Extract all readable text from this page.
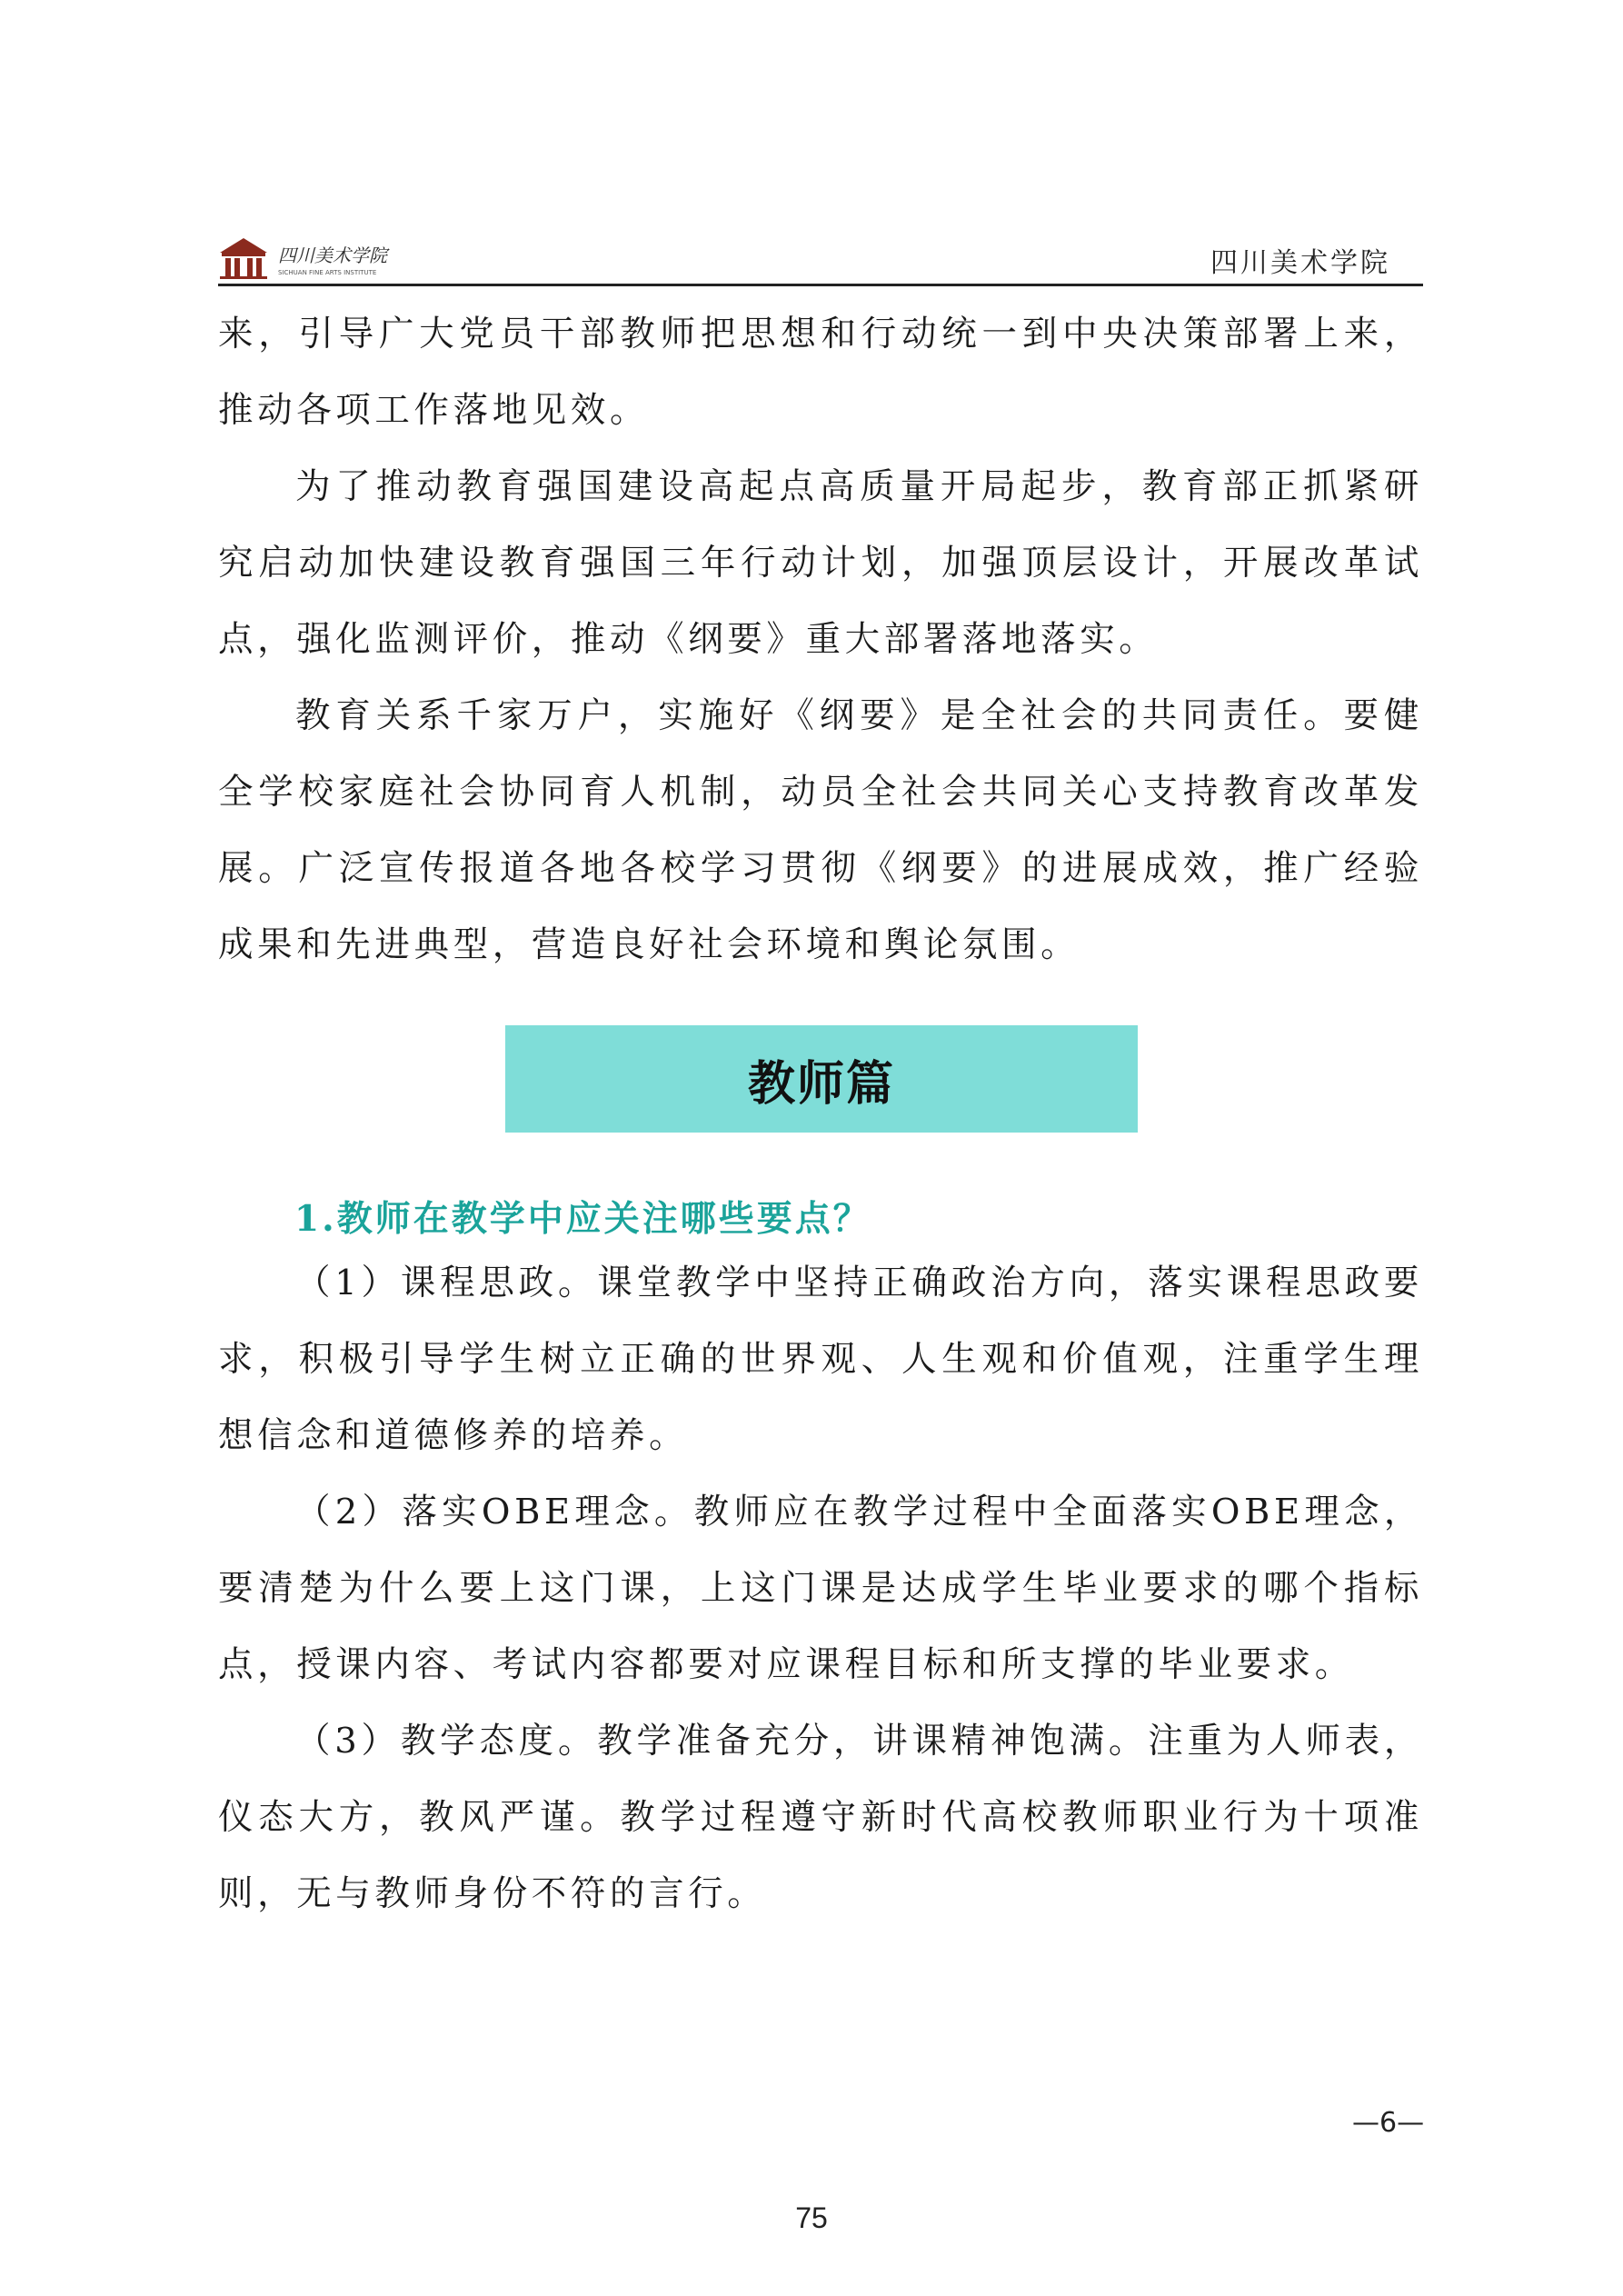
四川美术学院
SICHUAN FINE ARTS INSTITUTE	四川美术学院

来，引导广大党员干部教师把思想和行动统一到中央决策部署上来，推动各项工作落地见效。

为了推动教育强国建设高起点高质量开局起步，教育部正抓紧研究启动加快建设教育强国三年行动计划，加强顶层设计，开展改革试点，强化监测评价，推动《纲要》重大部署落地落实。

教育关系千家万户，实施好《纲要》是全社会的共同责任。要健全学校家庭社会协同育人机制，动员全社会共同关心支持教育改革发展。广泛宣传报道各地各校学习贯彻《纲要》的进展成效，推广经验成果和先进典型，营造良好社会环境和舆论氛围。

教师篇
1.教师在教学中应关注哪些要点？

（1）课程思政。课堂教学中坚持正确政治方向，落实课程思政要求，积极引导学生树立正确的世界观、人生观和价值观，注重学生理想信念和道德修养的培养。

（2）落实OBE理念。教师应在教学过程中全面落实OBE理念，要清楚为什么要上这门课，上这门课是达成学生毕业要求的哪个指标点，授课内容、考试内容都要对应课程目标和所支撑的毕业要求。

（3）教学态度。教学准备充分，讲课精神饱满。注重为人师表，仪态大方，教风严谨。教学过程遵守新时代高校教师职业行为十项准则，无与教师身份不符的言行。

—6—
75
